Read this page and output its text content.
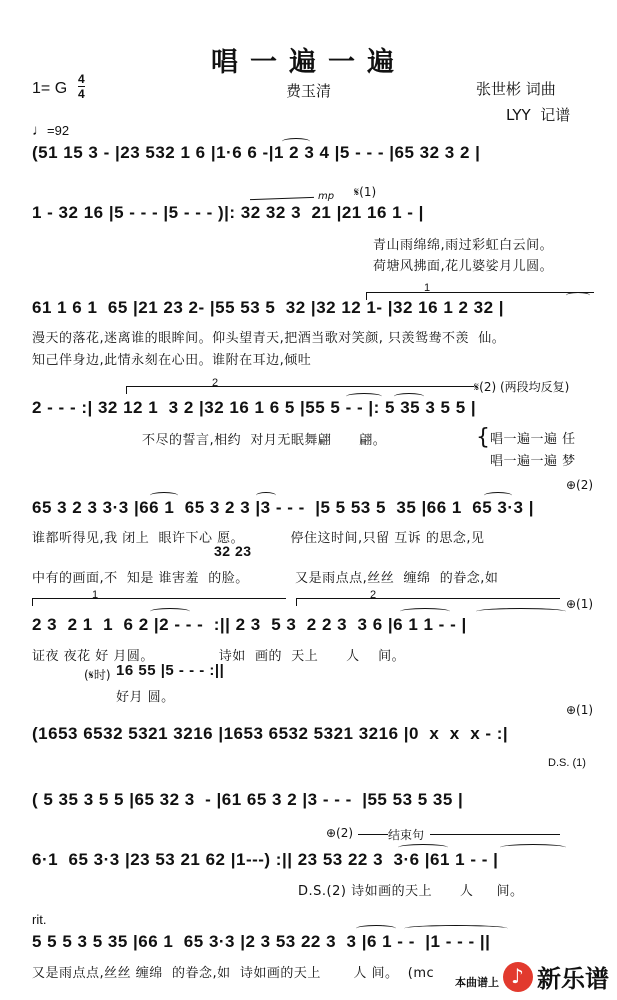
唱一遍一遍
1= G
4
4	费玉清	张世彬 词曲
LYY  记谱
♩=92
(51 15 3 - |23 532 1 6 |1·6 6 -|1 2 3 4 |5 - - - |65 32 3 2 |
mp 𝄋(1)
1 - 32 16 |5 - - - |5 - - - )|: 32 32 3  21 |21 16 1 - |
青山雨绵绵,雨过彩虹白云间。
荷塘风拂面,花儿婆娑月儿圆。
1
61 1 6 1  65 |21 23 2- |55 53 5  32 |32 12 1- |32 16 1 2 32 |
漫天的落花,迷离谁的眼眸间。仰头望青天,把酒当歌对笑颜, 只羡鸳鸯不羡  仙。
知己伴身边,此情永刻在心田。谁附在耳边,倾吐
2	𝄋(2) (两段均反复)
2 - - - :| 32 12 1  3 2 |32 16 1 6 5 |55 5 - - |: 5 35 3 5 5 |
不尽的誓言,相约  对月无眠舞翩      翩。	{ 唱一遍一遍 任
唱一遍一遍 梦
⊕(2)
65 3 2 3 3·3 |66 1  65 3 2 3 |3 - - -  |5 5 53 5  35 |66 1  65 3·3 |
谁都听得见,我 闭上  眼许下心 愿。          停住这时间,只留 互诉 的思念,见
32 23
中有的画面,不  知是 谁害羞  的脸。          又是雨点点,丝丝  缠绵  的眷念,如
1	2
⊕(1)
2 3  2 1  1  6 2 |2 - - -  :|| 2 3  5 3  2 2 3  3 6 |6 1 1 - - |
证夜 夜花 好 月圆。              诗如  画的  天上      人    间。
(𝄋时) 16 55 |5 - - - :||
好月 圆。
⊕(1)
(1653 6532 5321 3216 |1653 6532 5321 3216 |0  x  x  x - :|
D.S. (1)
( 5 35 3 5 5 |65 32 3  - |61 65 3 2 |3 - - -  |55 53 5 35 |
⊕(2)	结束句
6·1  65 3·3 |23 53 21 62 |1---) :|| 23 53 22 3  3·6 |61 1 - - |
D.S.(2) 诗如画的天上      人     间。
rit.
5 5 5 3 5 35 |66 1  65 3·3 |2 3 53 22 3  3 |6 1 - -  |1 - - - ||
又是雨点点,丝丝 缠绵  的眷念,如  诗如画的天上       人 间。  (mc
本曲谱上
♪ 新乐谱
